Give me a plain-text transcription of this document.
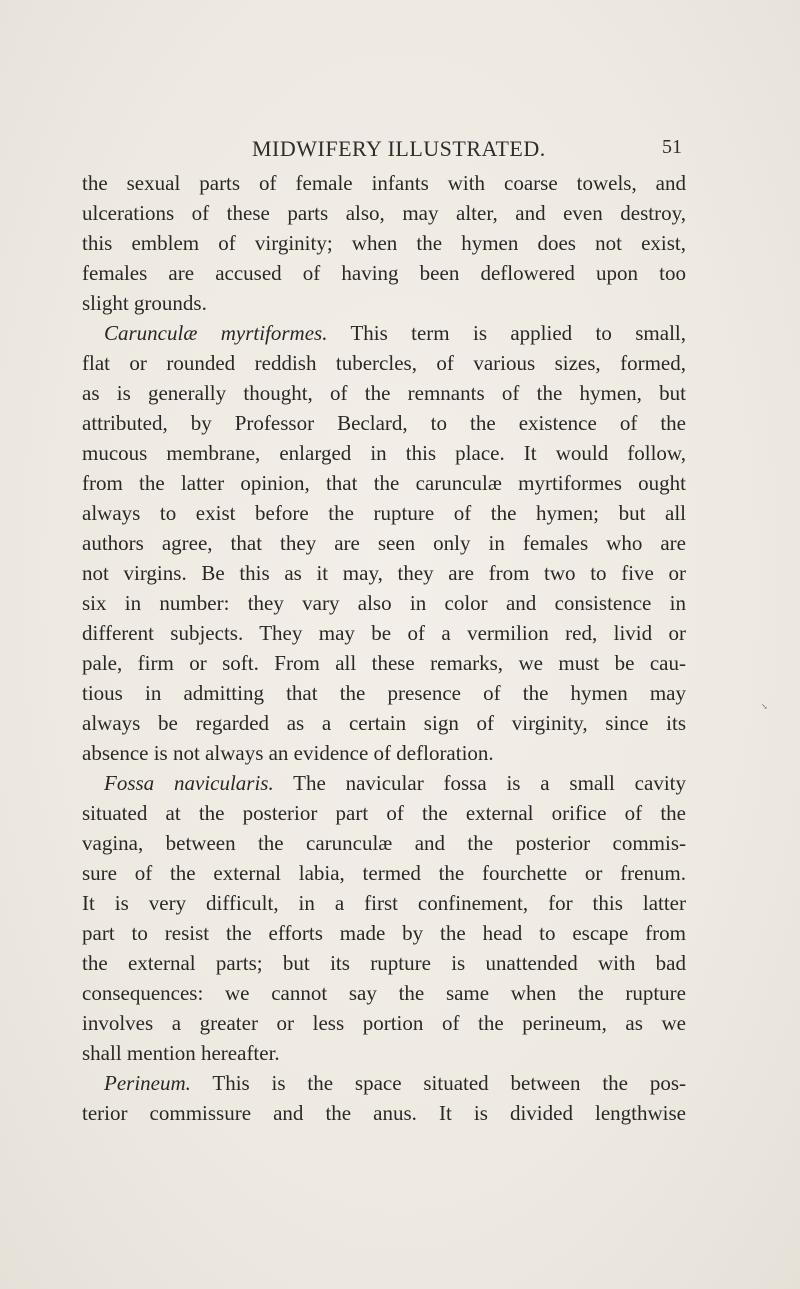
MIDWIFERY ILLUSTRATED.	51
the sexual parts of female infants with coarse towels, and
ulcerations of these parts also, may alter, and even destroy,
this emblem of virginity; when the hymen does not exist,
females are accused of having been deflowered upon too
slight grounds.
Carunculæ myrtiformes. This term is applied to small,
flat or rounded reddish tubercles, of various sizes, formed,
as is generally thought, of the remnants of the hymen, but
attributed, by Professor Beclard, to the existence of the
mucous membrane, enlarged in this place. It would follow,
from the latter opinion, that the carunculæ myrtiformes ought
always to exist before the rupture of the hymen; but all
authors agree, that they are seen only in females who are
not virgins. Be this as it may, they are from two to five or
six in number: they vary also in color and consistence in
different subjects. They may be of a vermilion red, livid or
pale, firm or soft. From all these remarks, we must be cau-
tious in admitting that the presence of the hymen may
always be regarded as a certain sign of virginity, since its
absence is not always an evidence of defloration.
Fossa navicularis. The navicular fossa is a small cavity
situated at the posterior part of the external orifice of the
vagina, between the carunculæ and the posterior commis-
sure of the external labia, termed the fourchette or frenum.
It is very difficult, in a first confinement, for this latter
part to resist the efforts made by the head to escape from
the external parts; but its rupture is unattended with bad
consequences: we cannot say the same when the rupture
involves a greater or less portion of the perineum, as we
shall mention hereafter.
Perineum. This is the space situated between the pos-
terior commissure and the anus. It is divided lengthwise
↘
